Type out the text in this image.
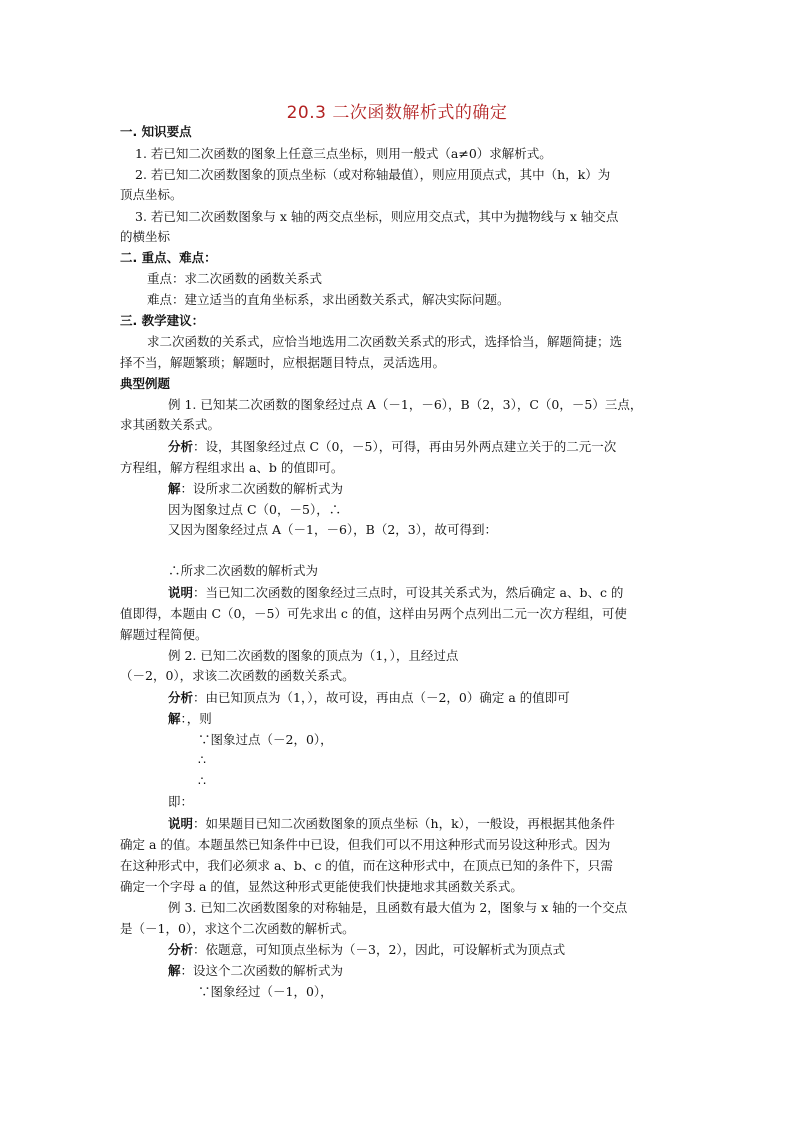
20.3 二次函数解析式的确定
一. 知识要点
1. 若已知二次函数的图象上任意三点坐标，则用一般式（a≠0）求解析式。
2. 若已知二次函数图象的顶点坐标（或对称轴最值），则应用顶点式，其中（h，k）为
顶点坐标。
3. 若已知二次函数图象与 x 轴的两交点坐标，则应用交点式，其中为抛物线与 x 轴交点
的横坐标
二. 重点、难点：
重点：求二次函数的函数关系式
难点：建立适当的直角坐标系，求出函数关系式，解决实际问题。
三. 教学建议：
求二次函数的关系式，应恰当地选用二次函数关系式的形式，选择恰当，解题简捷；选
择不当，解题繁琐；解题时，应根据题目特点，灵活选用。
典型例题
例 1. 已知某二次函数的图象经过点 A（－1，－6），B（2，3），C（0，－5）三点，
求其函数关系式。
分析：设，其图象经过点 C（0，－5），可得，再由另外两点建立关于的二元一次
方程组，解方程组求出 a、b 的值即可。
解：设所求二次函数的解析式为
因为图象过点 C（0，－5），∴
又因为图象经过点 A（－1，－6），B（2，3），故可得到：
∴所求二次函数的解析式为
说明：当已知二次函数的图象经过三点时，可设其关系式为，然后确定 a、b、c 的
值即得，本题由 C（0，－5）可先求出 c 的值，这样由另两个点列出二元一次方程组，可使
解题过程简便。
例 2. 已知二次函数的图象的顶点为（1，），且经过点
（－2，0），求该二次函数的函数关系式。
分析：由已知顶点为（1，），故可设，再由点（－2，0）确定 a 的值即可
解：，则
∵图象过点（－2，0），
∴
∴
即：
说明：如果题目已知二次函数图象的顶点坐标（h，k），一般设，再根据其他条件
确定 a 的值。本题虽然已知条件中已设，但我们可以不用这种形式而另设这种形式。因为
在这种形式中，我们必须求 a、b、c 的值，而在这种形式中，在顶点已知的条件下，只需
确定一个字母 a 的值，显然这种形式更能使我们快捷地求其函数关系式。
例 3. 已知二次函数图象的对称轴是，且函数有最大值为 2，图象与 x 轴的一个交点
是（－1，0），求这个二次函数的解析式。
分析：依题意，可知顶点坐标为（－3，2），因此，可设解析式为顶点式
解：设这个二次函数的解析式为
∵图象经过（－1，0），
